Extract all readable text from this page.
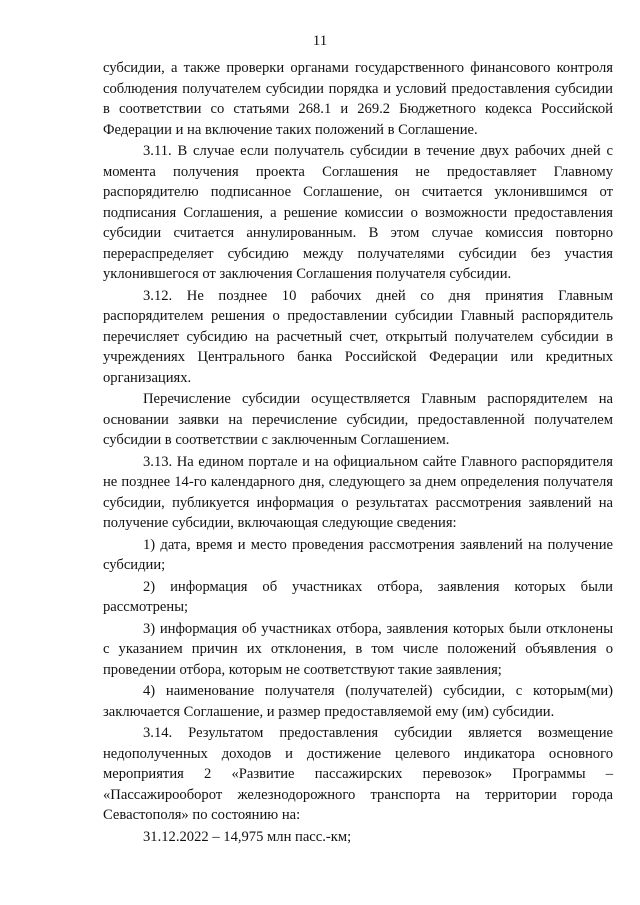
11

субсидии, а также проверки органами государственного финансового контроля соблюдения получателем субсидии порядка и условий предоставления субсидии в соответствии со статьями 268.1 и 269.2 Бюджетного кодекса Российской Федерации и на включение таких положений в Соглашение.

3.11. В случае если получатель субсидии в течение двух рабочих дней с момента получения проекта Соглашения не предоставляет Главному распорядителю подписанное Соглашение, он считается уклонившимся от подписания Соглашения, а решение комиссии о возможности предоставления субсидии считается аннулированным. В этом случае комиссия повторно перераспределяет субсидию между получателями субсидии без участия уклонившегося от заключения Соглашения получателя субсидии.

3.12. Не позднее 10 рабочих дней со дня принятия Главным распорядителем решения о предоставлении субсидии Главный распорядитель перечисляет субсидию на расчетный счет, открытый получателем субсидии в учреждениях Центрального банка Российской Федерации или кредитных организациях.

Перечисление субсидии осуществляется Главным распорядителем на основании заявки на перечисление субсидии, предоставленной получателем субсидии в соответствии с заключенным Соглашением.

3.13. На едином портале и на официальном сайте Главного распорядителя не позднее 14-го календарного дня, следующего за днем определения получателя субсидии, публикуется информация о результатах рассмотрения заявлений на получение субсидии, включающая следующие сведения:

1) дата, время и место проведения рассмотрения заявлений на получение субсидии;

2) информация об участниках отбора, заявления которых были рассмотрены;

3) информация об участниках отбора, заявления которых были отклонены с указанием причин их отклонения, в том числе положений объявления о проведении отбора, которым не соответствуют такие заявления;

4) наименование получателя (получателей) субсидии, с которым(ми) заключается Соглашение, и размер предоставляемой ему (им) субсидии.

3.14. Результатом предоставления субсидии является возмещение недополученных доходов и достижение целевого индикатора основного мероприятия 2 «Развитие пассажирских перевозок» Программы – «Пассажирооборот железнодорожного транспорта на территории города Севастополя» по состоянию на:

31.12.2022 – 14,975 млн пасс.-км;
